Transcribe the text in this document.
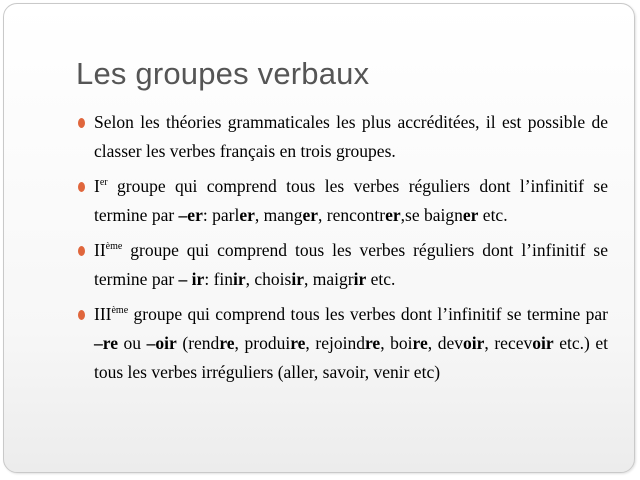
Les groupes verbaux
Selon les théories grammaticales les plus accréditées, il est possible de classer les verbes français en trois groupes.
Ier groupe qui comprend tous les verbes réguliers dont l’infinitif se termine par –er: parler, manger, rencontrer,se baigner etc.
IIème groupe qui comprend tous les verbes réguliers dont l’infinitif se termine par – ir: finir, choisir, maigrir etc.
IIIème groupe qui comprend tous les verbes dont l’infinitif se termine par –re ou –oir (rendre, produire, rejoindre, boire, devoir, recevoir etc.) et tous les verbes irréguliers (aller, savoir, venir etc)
